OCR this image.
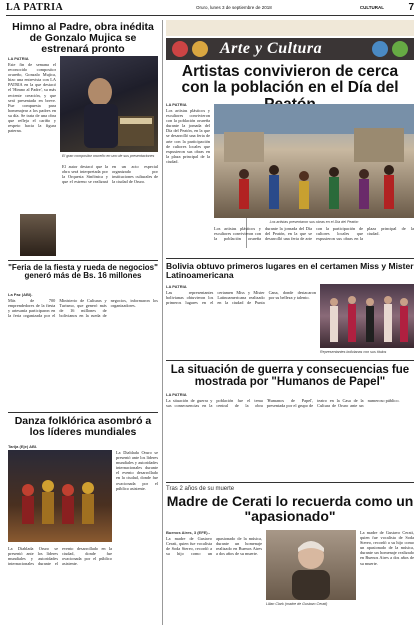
LA PATRIA	Oruro, lunes 3 de septiembre de 2018	CULTURAL 7
Himno al Padre, obra inédita de Gonzalo Mujica se estrenará pronto
LA PATRIA
Este fin de semana el reconocido compositor orureño, Gonzalo Mujica, hizo una entrevista con LA PATRIA en la que destacó el 'Himno al Padre', su más reciente creación, y que será presentada en breve. Fue compuesta para homenajear a los padres en su día. Se trata de una obra que refleja el cariño y respeto hacia la figura paterna.
El gran compositor orureño en uno de sus presentaciones
El autor destacó que la obra será interpretada por la Orquesta Sinfónica y que el estreno se realizará en un acto especial organizado por instituciones culturales de la ciudad de Oruro.
"Feria de la fiesta y rueda de negocios" generó más de Bs. 16 millones
La Paz (ABI).
Más de 700 emprendedores de la fiesta y artesanía participaron en la feria organizada por el Ministerio de Culturas y Turismo, que generó más de 16 millones de bolivianos en la rueda de negocios, informaron los organizadores.
Danza folklórica asombró a los líderes mundiales
Tarija (Eje) ABI.
La Diablada Oruro se presentó ante los líderes mundiales y autoridades internacionales durante el evento desarrollado en la ciudad, donde fue ovacionada por el público asistente.
La Diablada Oruro se presentó ante los líderes mundiales y autoridades internacionales durante el evento desarrollado en la ciudad, donde fue ovacionada por el público asistente.
Arte y Cultura
Artistas convivieron de cerca con la población en el Día del
LA PATRIA
Los artistas plásticos y escultores convivieron con la población orureña durante la jornada del Día del Peatón, en la que se desarrolló una feria de arte con la participación de cultores locales que expusieron sus obras en la plaza principal de la ciudad.
Los artistas presentaron sus obras en el Día del Peatón
Los artistas plásticos y escultores convivieron con la población orureña durante la jornada del Día del Peatón, en la que se desarrolló una feria de arte con la participación de cultores locales que expusieron sus obras en la plaza principal de la ciudad.
Bolivia obtuvo primeros lugares en el certamen Miss y Mister Latinoamericana
LA PATRIA
Las representantes bolivianas obtuvieron los primeros lugares en el certamen Miss y Mister Latinoamericana realizado en la ciudad de Punta Cana, donde destacaron por su belleza y talento.
Representantes bolivianas con sus títulos
La situación de guerra y consecuencias fue mostrada por "Humanos de Papel"
LA PATRIA
La situación de guerra y sus consecuencias en la población fue el tema central de la obra 'Humanos de Papel', presentada por el grupo de teatro en la Casa de la Cultura de Oruro ante un numeroso público.
Tras 2 años de su muerte
Madre de Cerati lo recuerda como un "apasionado"
Buenos Aires, 3 (EFE).-
La madre de Gustavo Cerati, quien fue vocalista de Soda Stereo, recordó a su hijo como un apasionado de la música, durante un homenaje realizado en Buenos Aires a dos años de su muerte.
Lilian Clark (madre de Gustavo Cerati)
La madre de Gustavo Cerati, quien fue vocalista de Soda Stereo, recordó a su hijo como un apasionado de la música, durante un homenaje realizado en Buenos Aires a dos años de su muerte.
